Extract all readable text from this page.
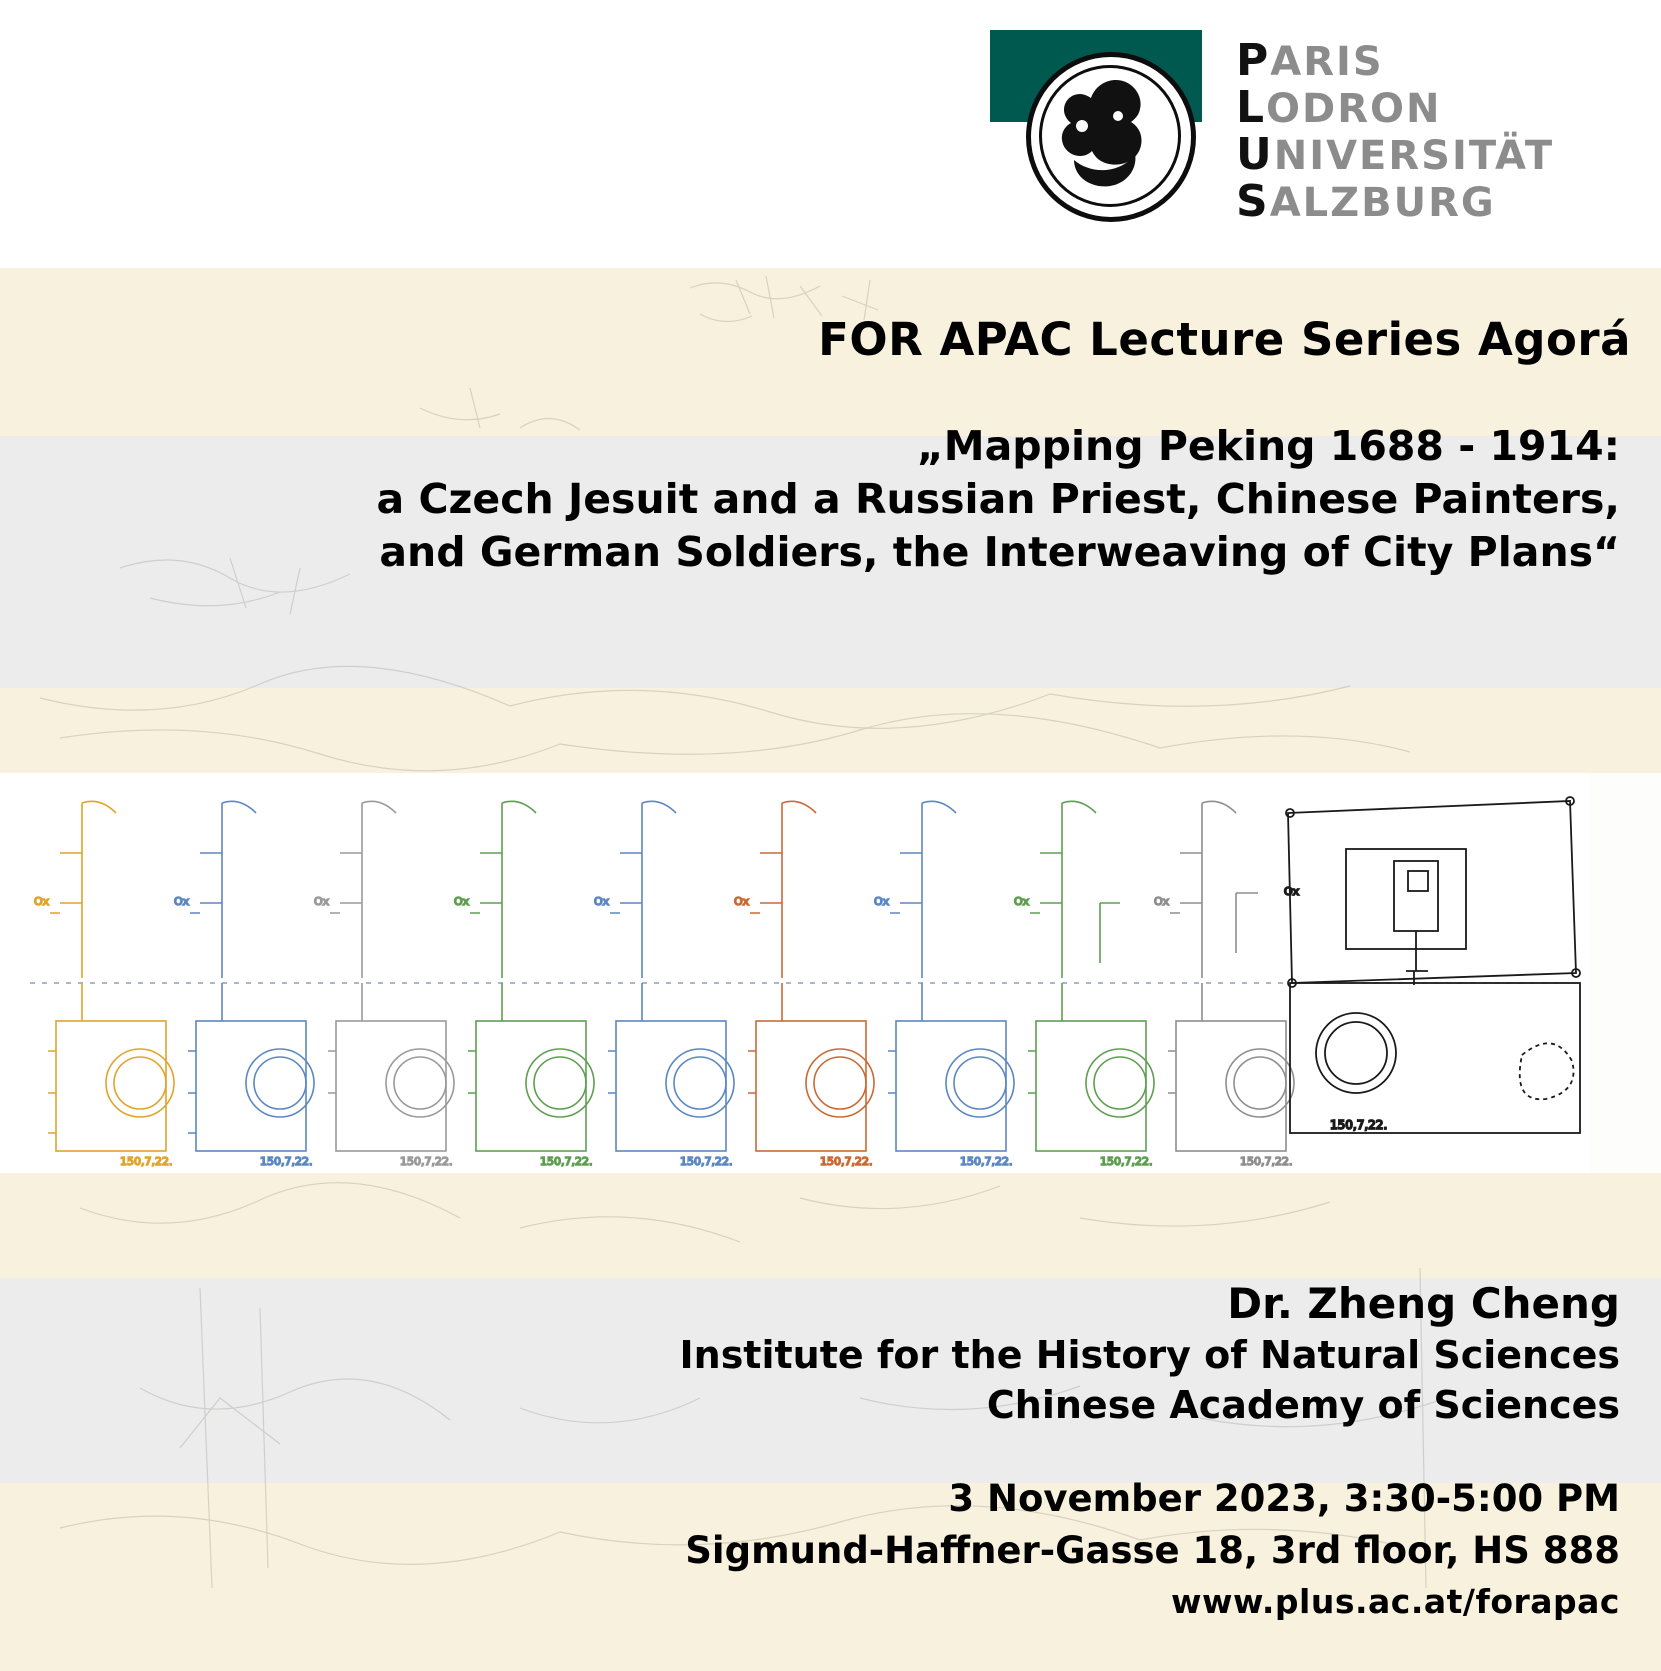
PARIS
LODRON
UNIVERSITÄT
SALZBURG
FOR APAC Lecture Series Agorá
„Mapping Peking 1688 - 1914:
a Czech Jesuit and a Russian Priest, Chinese Painters,
and German Soldiers, the Interweaving of City Plans“
150,7,22.
Ox
150,7,22.
Ox
150,7,22.
Ox
150,7,22.
Ox
150,7,22.
Ox
150,7,22.
Ox
150,7,22.
Ox
150,7,22.
Ox
150,7,22.
Ox
150,7,22.
Ox
Dr. Zheng Cheng
Institute for the History of Natural Sciences
Chinese Academy of Sciences
3 November 2023, 3:30-5:00 PM
Sigmund-Haffner-Gasse 18, 3rd floor, HS 888
www.plus.ac.at/forapac
